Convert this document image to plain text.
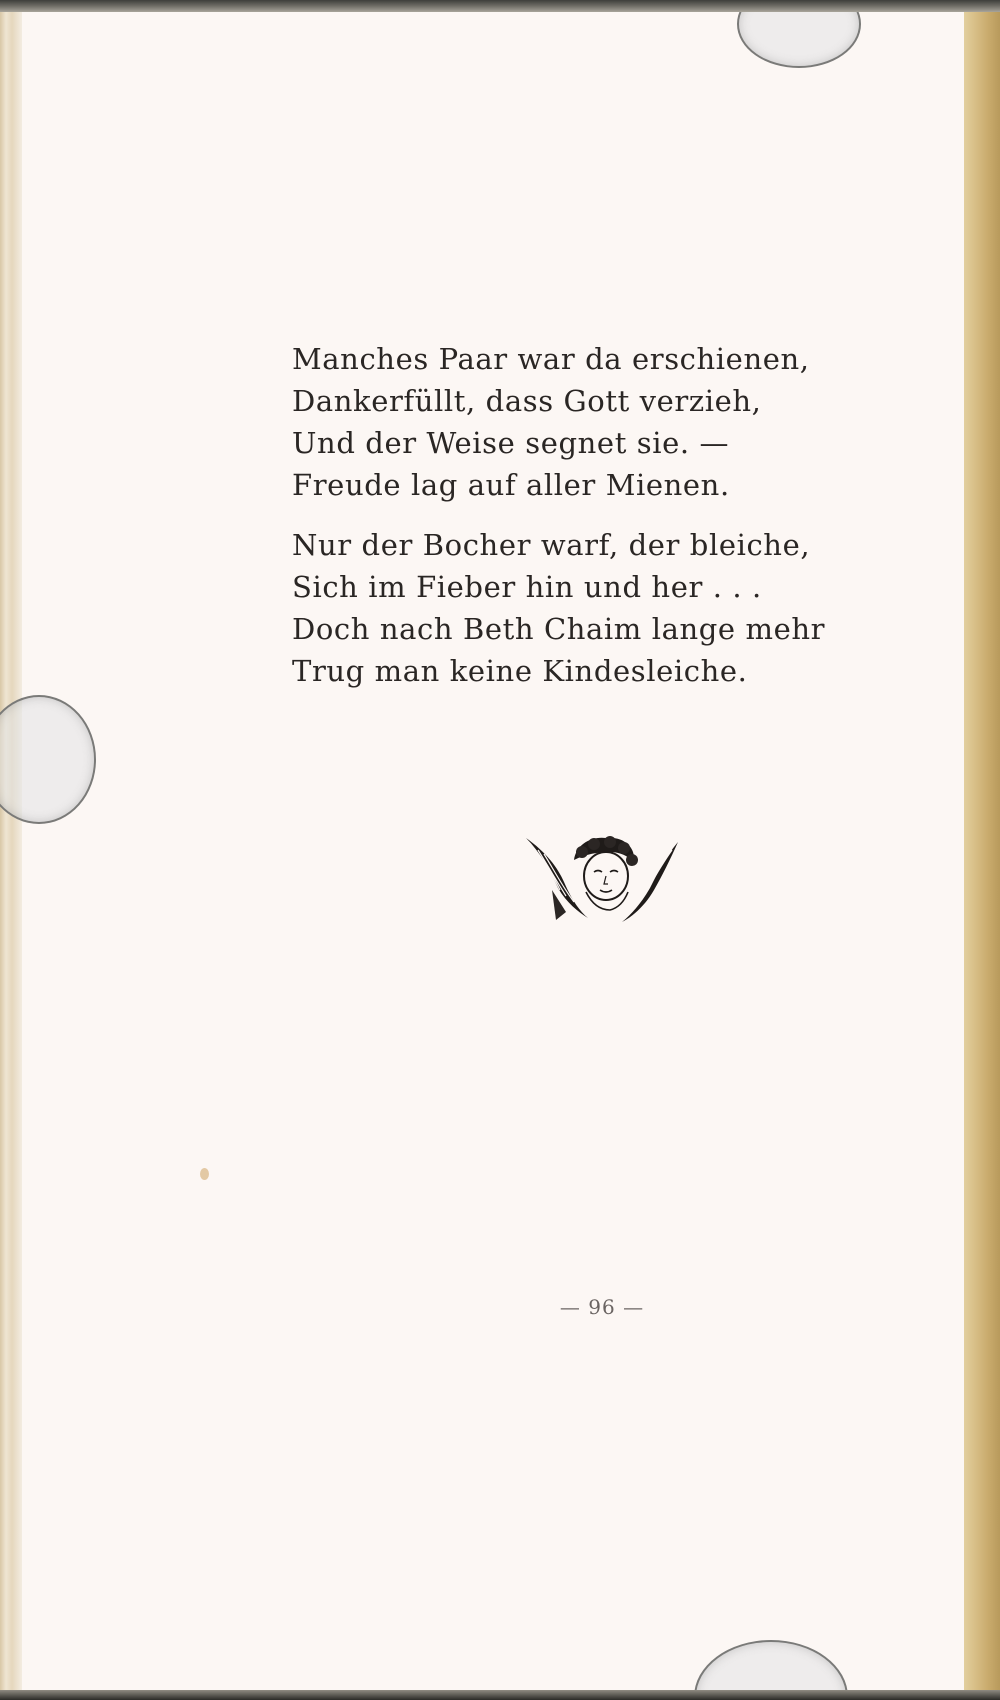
Manches Paar war da erschienen,
Dankerfüllt, dass Gott verzieh,
Und der Weise segnet sie. —
Freude lag auf aller Mienen.

Nur der Bocher warf, der bleiche,
Sich im Fieber hin und her . . .
Doch nach Beth Chaim lange mehr
Trug man keine Kindesleiche.

— 96 —
